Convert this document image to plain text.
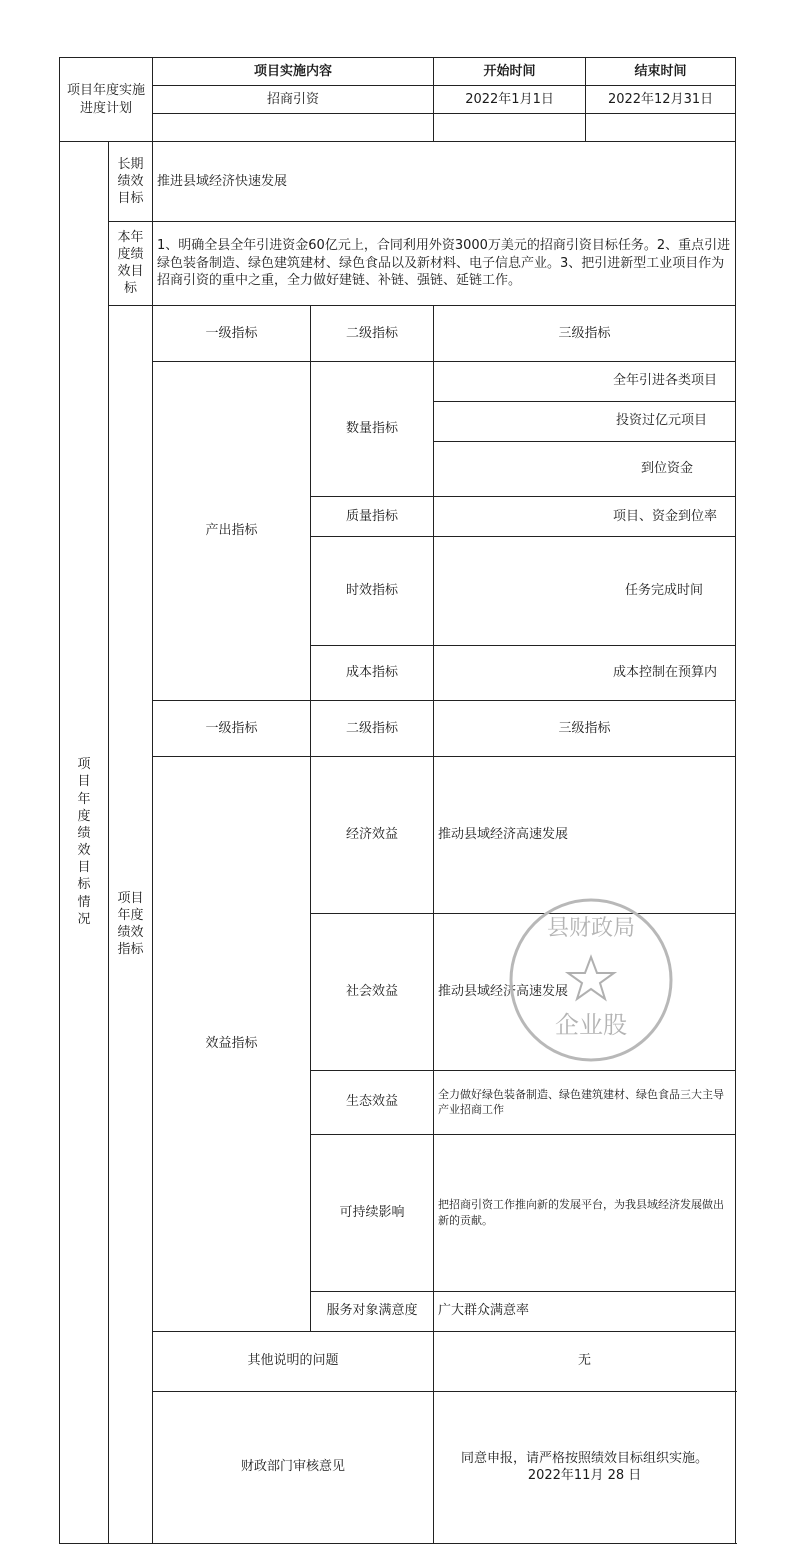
项目年度实施进度计划		项目实施内容		开始时间	结束时间	
		招商引资		2022年1月1日	2022年12月31日	

项目年度绩效目标情况	长期绩效目标	推进县域经济快速发展				
	本年度绩效目标	1、明确全县全年引进资金60亿元上，合同利用外资3000万美元的招商引资目标任务。2、重点引进绿色装备制造、绿色建筑建材、绿色食品以及新材料、电子信息产业。3、把引进新型工业项目作为招商引资的重中之重，全力做好建链、补链、强链、延链工作。				
	项目年度绩效指标	一级指标	二级指标	三级指标	
		产出指标	数量指标	全年引进各类项目	
				投资过亿元项目	
				到位资金	
			质量指标	项目、资金到位率	
			时效指标	任务完成时间	
			成本指标	成本控制在预算内	
		一级指标	二级指标	三级指标	
		效益指标	经济效益	推动县域经济高速发展	
			社会效益	推动县域经济高速发展	
			生态效益	全力做好绿色装备制造、绿色建筑建材、绿色食品三大主导产业招商工作	
			可持续影响	把招商引资工作推向新的发展平台，为我县域经济发展做出新的贡献。	
			服务对象满意度	广大群众满意率	
		其他说明的问题		无		
		财政部门审核意见		同意申报，请严格按照绩效目标组织实施。
2022年11月 28 日		
县财政局
企业股
